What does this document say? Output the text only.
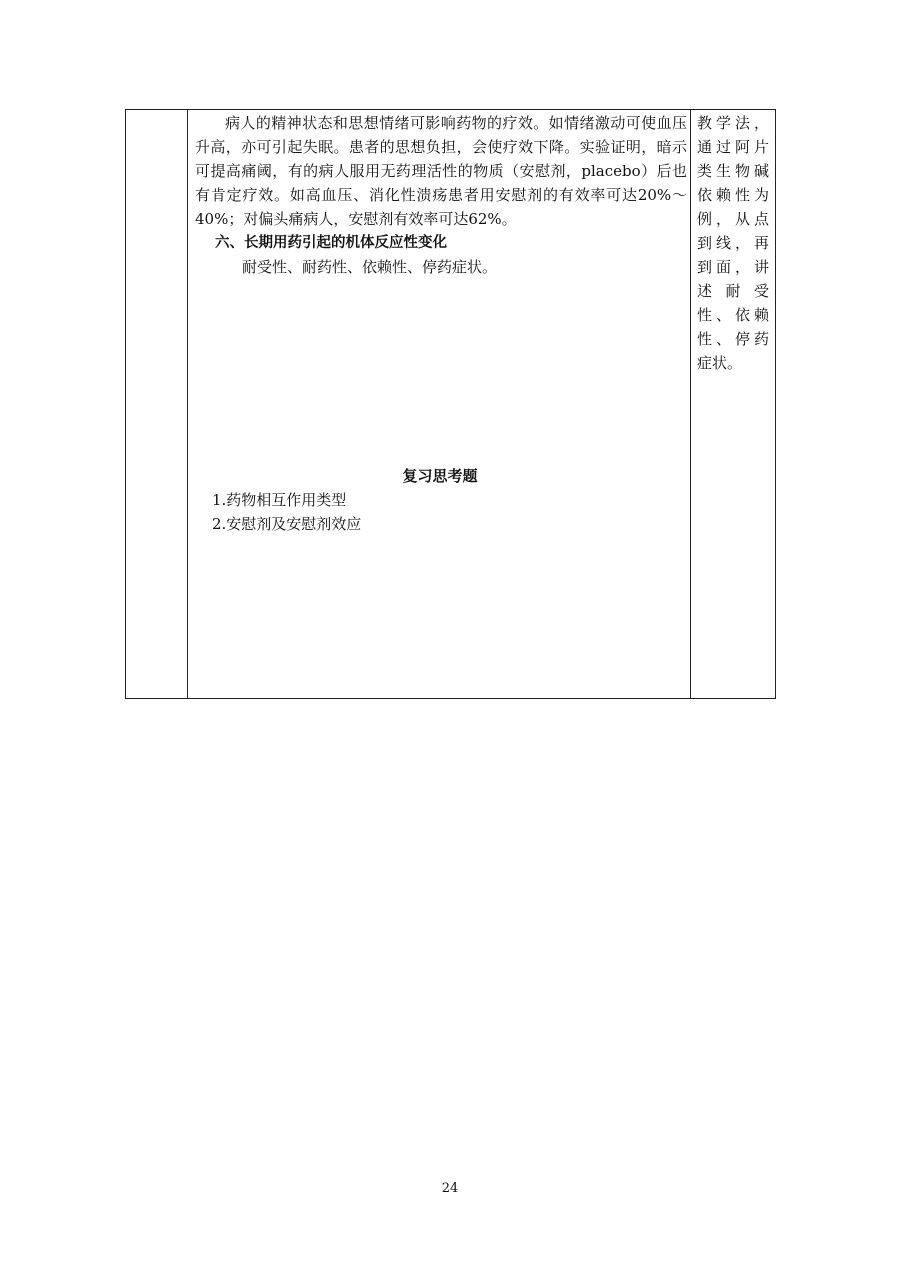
病人的精神状态和思想情绪可影响药物的疗效。如情绪激动可使血压升高，亦可引起失眠。患者的思想负担，会使疗效下降。实验证明，暗示可提高痛阈，有的病人服用无药理活性的物质（安慰剂，placebo）后也有肯定疗效。如高血压、消化性溃疡患者用安慰剂的有效率可达20%～40%；对偏头痛病人，安慰剂有效率可达62%。

六、长期用药引起的机体反应性变化

耐受性、耐药性、依赖性、停药症状。

复习思考题
1.药物相互作用类型
2.安慰剂及安慰剂效应

教学法，
通过阿片
类生物碱
依赖性为
例，从点
到线，再
到面，讲
述 耐 受
性、依赖
性、停药
症状。

24
